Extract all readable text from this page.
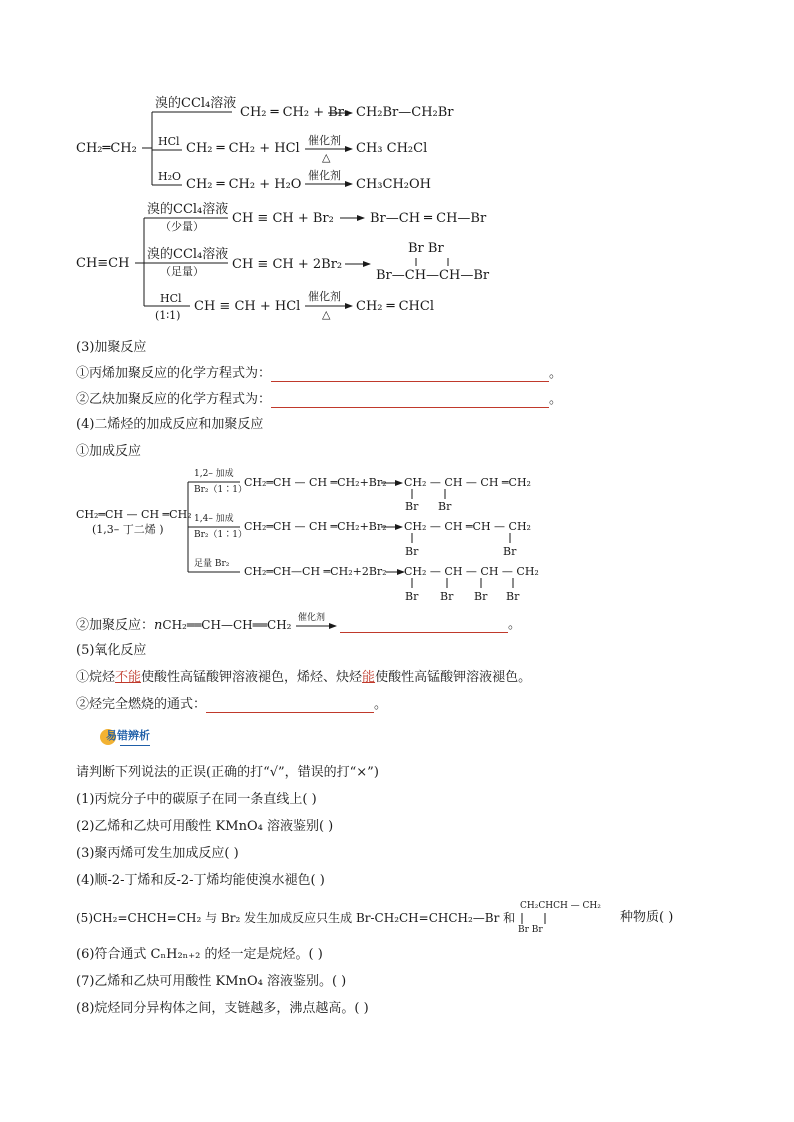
CH₂═CH₂
溴的CCl₄溶液
CH₂ ═ CH₂ + Br₂ CH₂Br—CH₂Br
HCl CH₂ ═ CH₂ + HCl
催化剂
△
CH₃ CH₂Cl
H₂O
CH₂ ═ CH₂ + H₂O
催化剂
CH₃CH₂OH
CH≡CH
溴的CCl₄溶液
（少量）
CH ≡ CH + Br₂	Br—CH ═ CH—Br
溴的CCl₄溶液
（足量） CH ≡ CH + 2Br₂
Br Br
Br—CH—CH—Br
HCl
(1∶1)
CH ≡ CH + HCl
催化剂
△
CH₂ ═ CHCl
(3)加聚反应
①丙烯加聚反应的化学方程式为：	。
②乙炔加聚反应的化学方程式为：	。
(4)二烯烃的加成反应和加聚反应
①加成反应
CH₂═CH — CH ═CH₂
(1,3– 丁二烯 )
1,2– 加成
Br₂（1∶1）
CH₂═CH — CH ═CH₂+Br₂ CH₂ — CH — CH ═CH₂
Br Br
1,4– 加成
Br₂（1∶1）
CH₂═CH — CH ═CH₂+Br₂ CH₂ — CH ═CH — CH₂
Br	Br
足量 Br₂
CH₂═CH—CH ═CH₂+2Br₂ CH₂ — CH — CH — CH₂
Br Br Br Br
②加聚反应：nCH₂══CH—CH══CH₂ 催化剂	。
(5)氧化反应
①烷烃不能使酸性高锰酸钾溶液褪色，烯烃、炔烃能使酸性高锰酸钾溶液褪色。
②烃完全燃烧的通式：	。
易错辨析
请判断下列说法的正误(正确的打“√”，错误的打“×”)
(1)丙烷分子中的碳原子在同一条直线上( )
(2)乙烯和乙炔可用酸性 KMnO₄ 溶液鉴别( )
(3)聚丙烯可发生加成反应( )
(4)顺-2-丁烯和反-2-丁烯均能使溴水褪色( )
(5)CH₂=CHCH=CH₂ 与 Br₂ 发生加成反应只生成 Br-CH₂CH=CHCH₂—Br 和
CH₂CHCH — CH₂
Br Br
种物质( )
(6)符合通式 CₙH₂ₙ₊₂ 的烃一定是烷烃。( )
(7)乙烯和乙炔可用酸性 KMnO₄ 溶液鉴别。( )
(8)烷烃同分异构体之间，支链越多，沸点越高。( )
